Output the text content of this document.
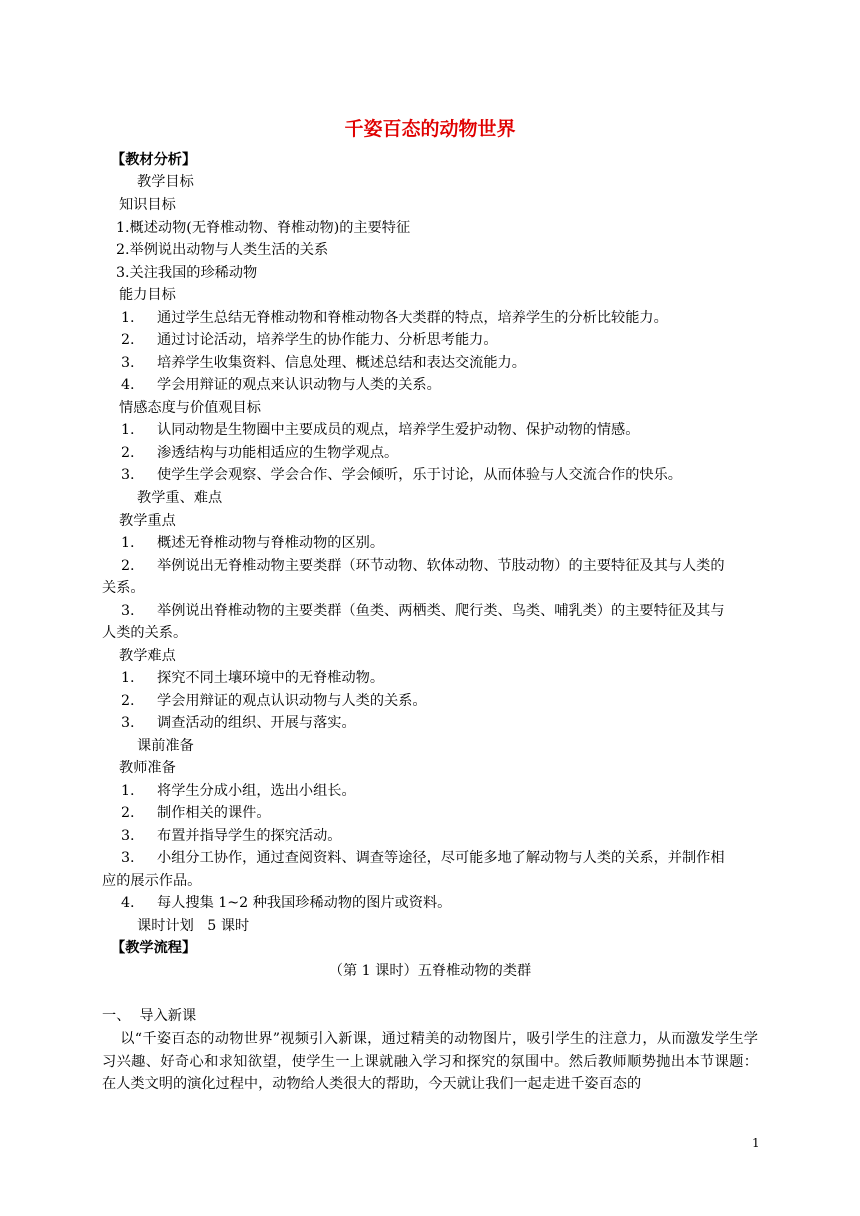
千姿百态的动物世界
【教材分析】
教学目标
知识目标
1.概述动物(无脊椎动物、脊椎动物)的主要特征
2.举例说出动物与人类生活的关系
3.关注我国的珍稀动物
能力目标
1. 通过学生总结无脊椎动物和脊椎动物各大类群的特点，培养学生的分析比较能力。
2. 通过讨论活动，培养学生的协作能力、分析思考能力。
3. 培养学生收集资料、信息处理、概述总结和表达交流能力。
4. 学会用辩证的观点来认识动物与人类的关系。
情感态度与价值观目标
1. 认同动物是生物圈中主要成员的观点，培养学生爱护动物、保护动物的情感。
2. 渗透结构与功能相适应的生物学观点。
3. 使学生学会观察、学会合作、学会倾听，乐于讨论，从而体验与人交流合作的快乐。
教学重、难点
教学重点
1. 概述无脊椎动物与脊椎动物的区别。
2. 举例说出无脊椎动物主要类群（环节动物、软体动物、节肢动物）的主要特征及其与人类的
关系。
3. 举例说出脊椎动物的主要类群（鱼类、两栖类、爬行类、鸟类、哺乳类）的主要特征及其与
人类的关系。
教学难点
1. 探究不同土壤环境中的无脊椎动物。
2. 学会用辩证的观点认识动物与人类的关系。
3. 调查活动的组织、开展与落实。
课前准备
教师准备
1. 将学生分成小组，选出小组长。
2. 制作相关的课件。
3. 布置并指导学生的探究活动。
3. 小组分工协作，通过查阅资料、调查等途径，尽可能多地了解动物与人类的关系，并制作相
应的展示作品。
4. 每人搜集 1~2 种我国珍稀动物的图片或资料。
课时计划   5 课时
【教学流程】
（第 1 课时）五脊椎动物的类群
一、  导入新课
以“千姿百态的动物世界”视频引入新课，通过精美的动物图片，吸引学生的注意力，从而激发学生学习兴趣、好奇心和求知欲望，使学生一上课就融入学习和探究的氛围中。然后教师顺势抛出本节课题： 在人类文明的演化过程中，动物给人类很大的帮助，今天就让我们一起走进千姿百态的
1
